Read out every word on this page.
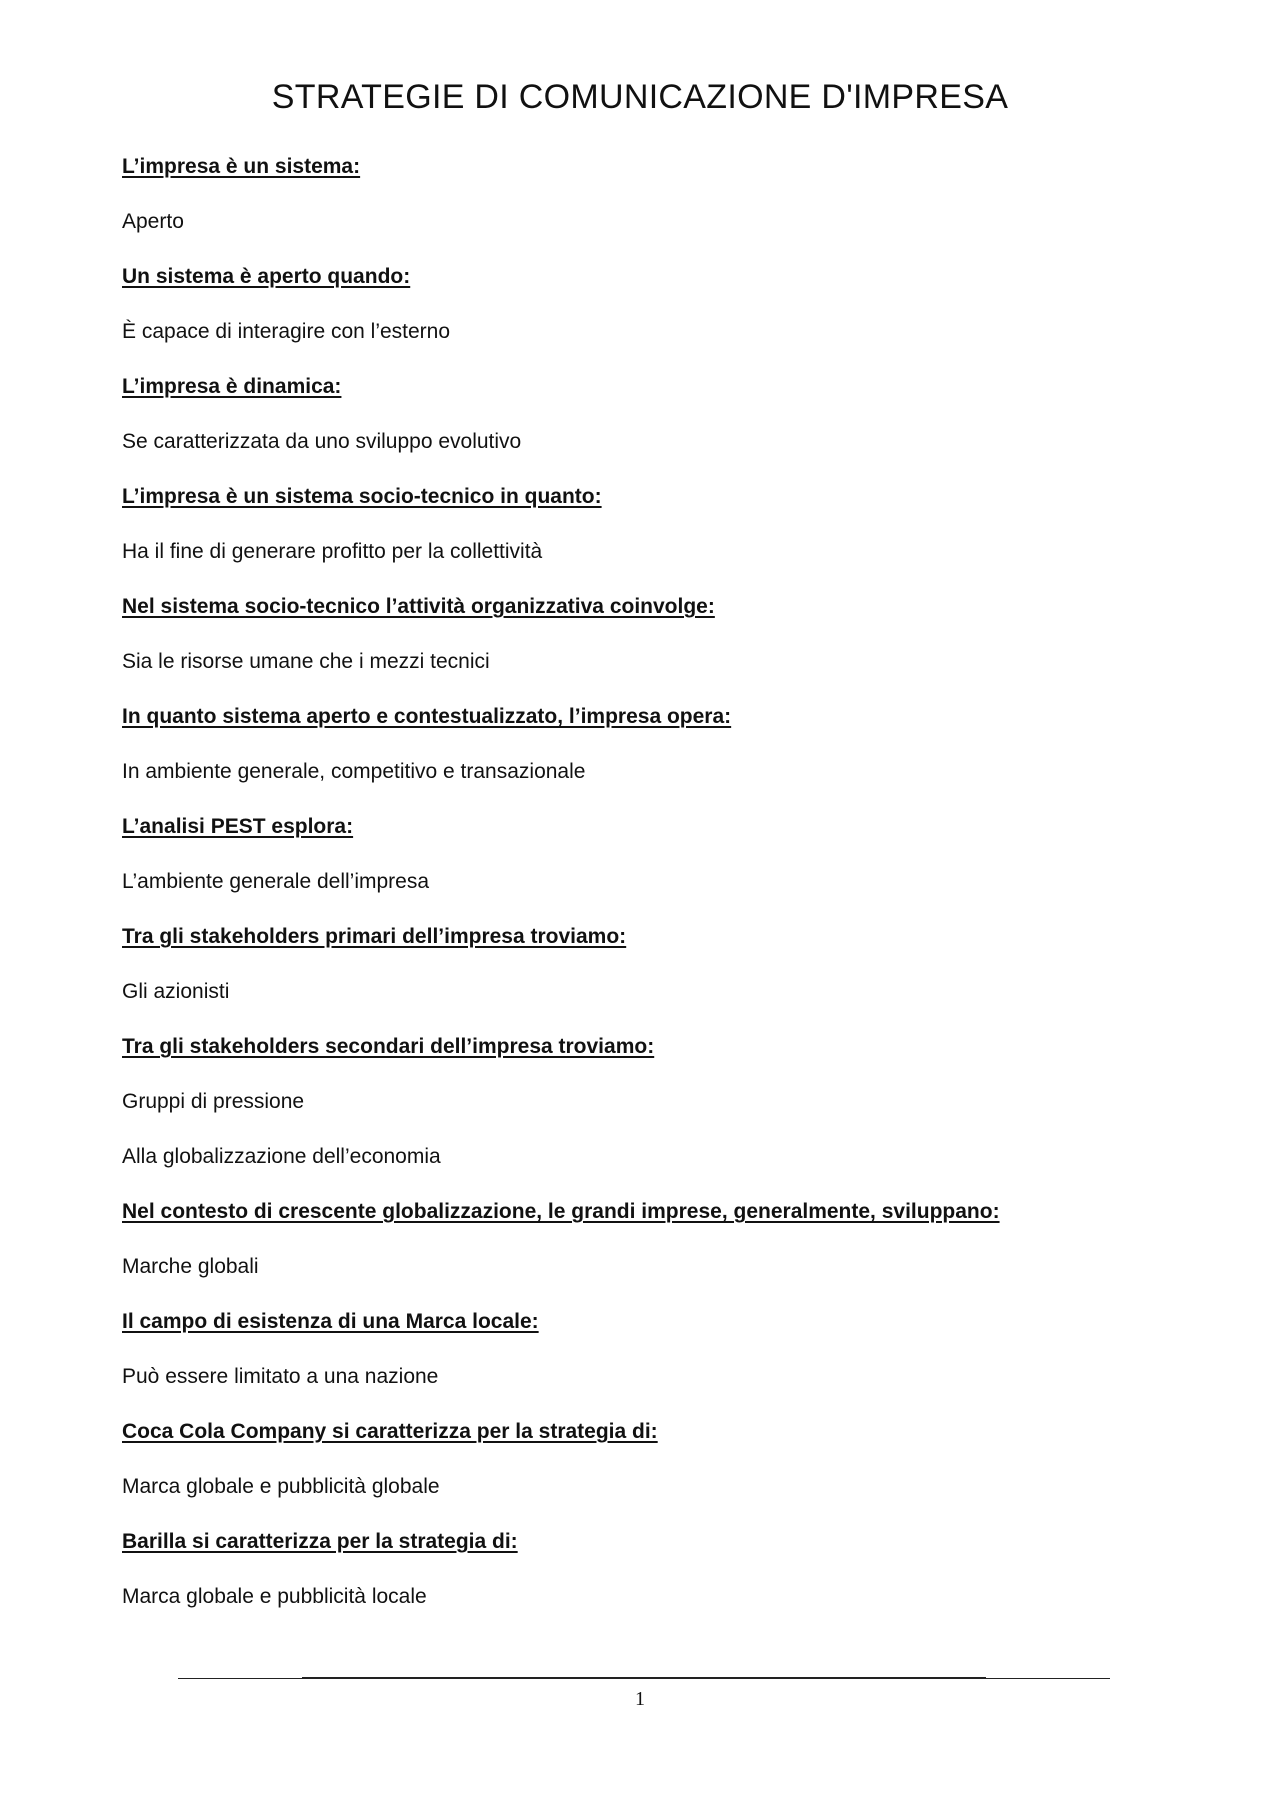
STRATEGIE DI COMUNICAZIONE D'IMPRESA
L’impresa è un sistema:
Aperto
Un sistema è aperto quando:
È capace di interagire con l’esterno
L’impresa è dinamica:
Se caratterizzata da uno sviluppo evolutivo
L’impresa è un sistema socio-tecnico in quanto:
Ha il fine di generare profitto per la collettività
Nel sistema socio-tecnico l’attività organizzativa coinvolge:
Sia le risorse umane che i mezzi tecnici
In quanto sistema aperto e contestualizzato, l’impresa opera:
In ambiente generale, competitivo e transazionale
L’analisi PEST esplora:
L’ambiente generale dell’impresa
Tra gli stakeholders primari dell’impresa troviamo:
Gli azionisti
Tra gli stakeholders secondari dell’impresa troviamo:
Gruppi di pressione
Alla globalizzazione dell’economia
Nel contesto di crescente globalizzazione, le grandi imprese, generalmente, sviluppano:
Marche globali
Il campo di esistenza di una Marca locale:
Può essere limitato a una nazione
Coca Cola Company si caratterizza per la strategia di:
Marca globale e pubblicità globale
Barilla si caratterizza per la strategia di:
Marca globale e pubblicità locale
1
